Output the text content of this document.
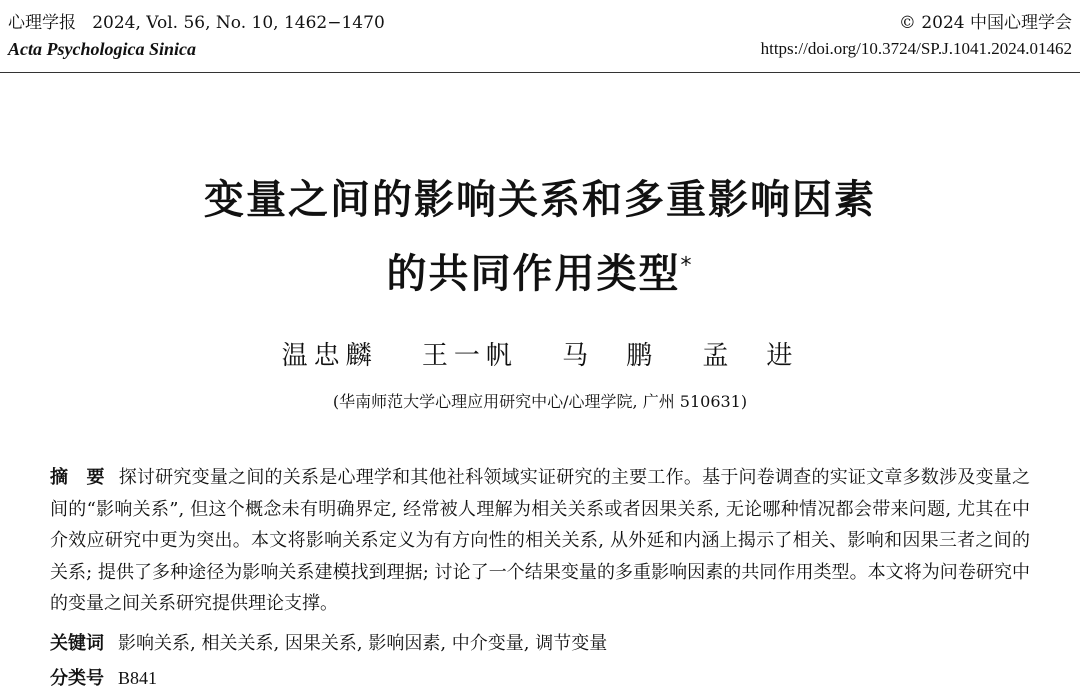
心理学报 2024, Vol. 56, No. 10, 1462−1470
Acta Psychologica Sinica
© 2024 中国心理学会
https://doi.org/10.3724/SP.J.1041.2024.01462
变量之间的影响关系和多重影响因素
的共同作用类型*
温忠麟 王一帆 马　鹏 孟　进
(华南师范大学心理应用研究中心/心理学院, 广州 510631)
摘　要 探讨研究变量之间的关系是心理学和其他社科领域实证研究的主要工作。基于问卷调查的实证文章多数涉及变量之间的“影响关系”, 但这个概念未有明确界定, 经常被人理解为相关关系或者因果关系, 无论哪种情况都会带来问题, 尤其在中介效应研究中更为突出。本文将影响关系定义为有方向性的相关关系, 从外延和内涵上揭示了相关、影响和因果三者之间的关系; 提供了多种途径为影响关系建模找到理据; 讨论了一个结果变量的多重影响因素的共同作用类型。本文将为问卷研究中的变量之间关系研究提供理论支撑。
关键词 影响关系, 相关关系, 因果关系, 影响因素, 中介变量, 调节变量
分类号 B841
